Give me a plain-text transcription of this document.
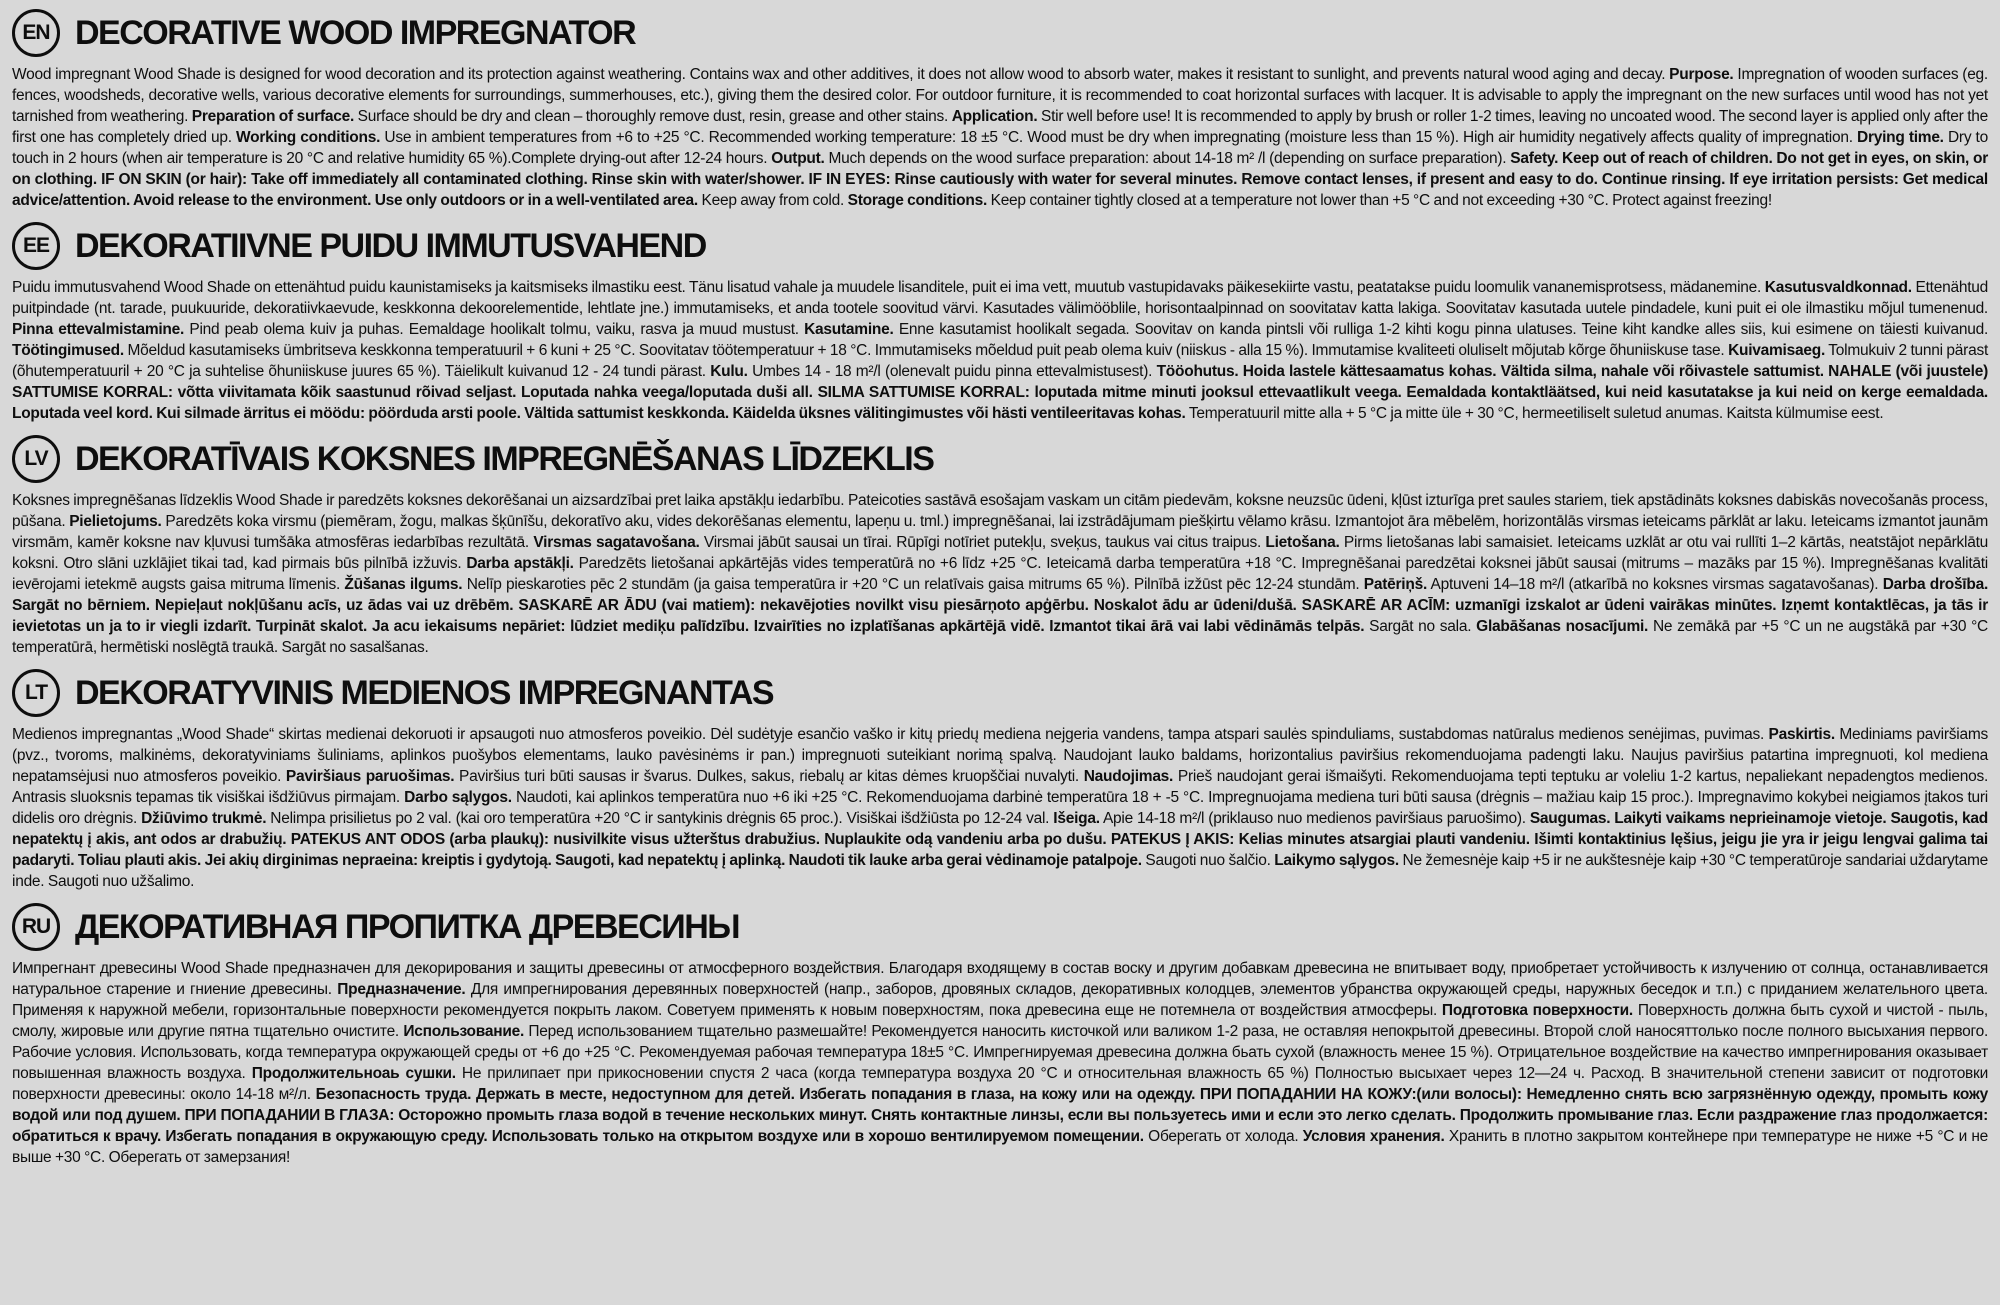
EN DECORATIVE WOOD IMPREGNATOR

Wood impregnant Wood Shade is designed for wood decoration and its protection against weathering. Contains wax and other additives, it does not allow wood to absorb water, makes it resistant to sunlight, and prevents natural wood aging and decay. Purpose. Impregnation of wooden surfaces (eg. fences, woodsheds, decorative wells, various decorative elements for surroundings, summerhouses, etc.), giving them the desired color. For outdoor furniture, it is recommended to coat horizontal surfaces with lacquer. It is advisable to apply the impregnant on the new surfaces until wood has not yet tarnished from weathering. Preparation of surface. Surface should be dry and clean – thoroughly remove dust, resin, grease and other stains. Application. Stir well before use! It is recommended to apply by brush or roller 1-2 times, leaving no uncoated wood. The second layer is applied only after the first one has completely dried up. Working conditions. Use in ambient temperatures from +6 to +25 °C. Recommended working temperature: 18 ±5 °C. Wood must be dry when impregnating (moisture less than 15 %). High air humidity negatively affects quality of impregnation. Drying time. Dry to touch in 2 hours (when air temperature is 20 °C and relative humidity 65 %).Complete drying-out after 12-24 hours. Output. Much depends on the wood surface preparation: about 14-18 m² /l (depending on surface preparation). Safety. Keep out of reach of children. Do not get in eyes, on skin, or on clothing. IF ON SKIN (or hair): Take off immediately all contaminated clothing. Rinse skin with water/shower. IF IN EYES: Rinse cautiously with water for several minutes. Remove contact lenses, if present and easy to do. Continue rinsing. If eye irritation persists: Get medical advice/attention. Avoid release to the environment. Use only outdoors or in a well-ventilated area. Keep away from cold. Storage conditions. Keep container tightly closed at a temperature not lower than +5 °C and not exceeding +30 °C. Protect against freezing!

EE DEKORATIIVNE PUIDU IMMUTUSVAHEND

Puidu immutusvahend Wood Shade on ettenähtud puidu kaunistamiseks ja kaitsmiseks ilmastiku eest. Tänu lisatud vahale ja muudele lisanditele, puit ei ima vett, muutub vastupidavaks päikesekiirte vastu, peatatakse puidu loomulik vananemisprotsess, mädanemine. Kasutusvaldkonnad. Ettenähtud puitpindade (nt. tarade, puukuuride, dekoratiivkaevude, keskkonna dekoorelementide, lehtlate jne.) immutamiseks, et anda tootele soovitud värvi. Kasutades välimööblile, horisontaalpinnad on soovitatav katta lakiga. Soovitatav kasutada uutele pindadele, kuni puit ei ole ilmastiku mõjul tumenenud. Pinna ettevalmistamine. Pind peab olema kuiv ja puhas. Eemaldage hoolikalt tolmu, vaiku, rasva ja muud mustust. Kasutamine. Enne kasutamist hoolikalt segada. Soovitav on kanda pintsli või rulliga 1-2 kihti kogu pinna ulatuses. Teine kiht kandke alles siis, kui esimene on täiesti kuivanud. Töötingimused. Mõeldud kasutamiseks ümbritseva keskkonna temperatuuril + 6 kuni + 25 °C. Soovitatav töötemperatuur + 18 °C. Immutamiseks mõeldud puit peab olema kuiv (niiskus - alla 15 %). Immutamise kvaliteeti oluliselt mõjutab kõrge õhuniiskuse tase. Kuivamisaeg. Tolmukuiv 2 tunni pärast (õhutemperatuuril + 20 °C ja suhtelise õhuniiskuse juures 65 %). Täielikult kuivanud 12 - 24 tundi pärast. Kulu. Umbes 14 - 18 m²/l (olenevalt puidu pinna ettevalmistusest). Tööohutus. Hoida lastele kättesaamatus kohas. Vältida silma, nahale või rõivastele sattumist. NAHALE (või juustele) SATTUMISE KORRAL: võtta viivitamata kõik saastunud rõivad seljast. Loputada nahka veega/loputada duši all. SILMA SATTUMISE KORRAL: loputada mitme minuti jooksul ettevaatlikult veega. Eemaldada kontaktläätsed, kui neid kasutatakse ja kui neid on kerge eemaldada. Loputada veel kord. Kui silmade ärritus ei möödu: pöörduda arsti poole. Vältida sattumist keskkonda. Käidelda üksnes välitingimustes või hästi ventileeritavas kohas. Temperatuuril mitte alla + 5 °C ja mitte üle + 30 °C, hermeetiliselt suletud anumas. Kaitsta külmumise eest.

LV DEKORATĪVAIS KOKSNES IMPREGNĒŠANAS LĪDZEKLIS

Koksnes impregnēšanas līdzeklis Wood Shade ir paredzēts koksnes dekorēšanai un aizsardzībai pret laika apstākļu iedarbību. Pateicoties sastāvā esošajam vaskam un citām piedevām, koksne neuzsūc ūdeni, kļūst izturīga pret saules stariem, tiek apstādināts koksnes dabiskās novecošanās process, pūšana. Pielietojums. Paredzēts koka virsmu (piemēram, žogu, malkas šķūnīšu, dekoratīvo aku, vides dekorēšanas elementu, lapeņu u. tml.) impregnēšanai, lai izstrādājumam piešķirtu vēlamo krāsu. Izmantojot āra mēbelēm, horizontālās virsmas ieteicams pārklāt ar laku. Ieteicams izmantot jaunām virsmām, kamēr koksne nav kļuvusi tumšāka atmosfēras iedarbības rezultātā. Virsmas sagatavošana. Virsmai jābūt sausai un tīrai. Rūpīgi notīriet putekļu, sveķus, taukus vai citus traipus. Lietošana. Pirms lietošanas labi samaisiet. Ieteicams uzklāt ar otu vai rullīti 1–2 kārtās, neatstājot nepārklātu koksni. Otro slāni uzklājiet tikai tad, kad pirmais būs pilnībā izžuvis. Darba apstākļi. Paredzēts lietošanai apkārtējās vides temperatūrā no +6 līdz +25 °C. Ieteicamā darba temperatūra +18 °C. Impregnēšanai paredzētai koksnei jābūt sausai (mitrums – mazāks par 15 %). Impregnēšanas kvalitāti ievērojami ietekmē augsts gaisa mitruma līmenis. Žūšanas ilgums. Nelīp pieskaroties pēc 2 stundām (ja gaisa temperatūra ir +20 °C un relatīvais gaisa mitrums 65 %). Pilnībā izžūst pēc 12-24 stundām. Patēriņš. Aptuveni 14–18 m²/l (atkarībā no koksnes virsmas sagatavošanas). Darba drošība. Sargāt no bērniem. Nepieļaut nokļūšanu acīs, uz ādas vai uz drēbēm. SASKARĒ AR ĀDU (vai matiem): nekavējoties novilkt visu piesārņoto apģērbu. Noskalot ādu ar ūdeni/dušā. SASKARĒ AR ACĪM: uzmanīgi izskalot ar ūdeni vairākas minūtes. Izņemt kontaktlēcas, ja tās ir ievietotas un ja to ir viegli izdarīt. Turpināt skalot. Ja acu iekaisums nepāriet: lūdziet mediķu palīdzību. Izvairīties no izplatīšanas apkārtējā vidē. Izmantot tikai ārā vai labi vēdināmās telpās. Sargāt no sala. Glabāšanas nosacījumi. Ne zemākā par +5 °C un ne augstākā par +30 °C temperatūrā, hermētiski noslēgtā traukā. Sargāt no sasalšanas.

LT DEKORATYVINIS MEDIENOS IMPREGNANTAS

Medienos impregnantas „Wood Shade“ skirtas medienai dekoruoti ir apsaugoti nuo atmosferos poveikio. Dėl sudėtyje esančio vaško ir kitų priedų mediena nejgeria vandens, tampa atspari saulės spinduliams, sustabdomas natūralus medienos senėjimas, puvimas. Paskirtis. Mediniams paviršiams (pvz., tvoroms, malkinėms, dekoratyviniams šuliniams, aplinkos puošybos elementams, lauko pavėsinėms ir pan.) impregnuoti suteikiant norimą spalvą. Naudojant lauko baldams, horizontalius paviršius rekomenduojama padengti laku. Naujus paviršius patartina impregnuoti, kol mediena nepatamsėjusi nuo atmosferos poveikio. Paviršiaus paruošimas. Paviršius turi būti sausas ir švarus. Dulkes, sakus, riebalų ar kitas dėmes kruopščiai nuvalyti. Naudojimas. Prieš naudojant gerai išmaišyti. Rekomenduojama tepti teptuku ar voleliu 1-2 kartus, nepaliekant nepadengtos medienos. Antrasis sluoksnis tepamas tik visiškai išdžiūvus pirmajam. Darbo sąlygos. Naudoti, kai aplinkos temperatūra nuo +6 iki +25 °C. Rekomenduojama darbinė temperatūra 18 + -5 °C. Impregnuojama mediena turi būti sausa (drėgnis – mažiau kaip 15 proc.). Impregnavimo kokybei neigiamos įtakos turi didelis oro drėgnis. Džiūvimo trukmė. Nelimpa prisilietus po 2 val. (kai oro temperatūra +20 °C ir santykinis drėgnis 65 proc.). Visiškai išdžiūsta po 12-24 val. Išeiga. Apie 14-18 m²/l (priklauso nuo medienos paviršiaus paruošimo). Saugumas. Laikyti vaikams neprieinamoje vietoje. Saugotis, kad nepatektų į akis, ant odos ar drabužių. PATEKUS ANT ODOS (arba plaukų): nusivilkite visus užterštus drabužius. Nuplaukite odą vandeniu arba po dušu. PATEKUS Į AKIS: Kelias minutes atsargiai plauti vandeniu. Išimti kontaktinius lęšius, jeigu jie yra ir jeigu lengvai galima tai padaryti. Toliau plauti akis. Jei akių dirginimas nepraeina: kreiptis i gydytoją. Saugoti, kad nepatektų į aplinką. Naudoti tik lauke arba gerai vėdinamoje patalpoje. Saugoti nuo šalčio. Laikymo sąlygos. Ne žemesnėje kaip +5 ir ne aukštesnėje kaip +30 °C temperatūroje sandariai uždarytame inde. Saugoti nuo užšalimo.

RU ДЕКОРАТИВНАЯ ПРОПИТКА ДРЕВЕСИНЫ

Импрегнант древесины Wood Shade предназначен для декорирования и защиты древесины от атмосферного воздействия. Благодаря входящему в состав воску и другим добавкам древесина не впитывает воду, приобретает устойчивость к излучению от солнца, останавливается натуральное старение и гниение древесины. Предназначение. Для импрегнирования деревянных поверхностей (напр., заборов, дровяных складов, декоративных колодцев, элементов убранства окружающей среды, наружных беседок и т.п.) с приданием желательного цвета. Применяя к наружной мебели, горизонтальные поверхности рекомендуется покрыть лаком. Советуем применять к новым поверхностям, пока древесина еще не потемнела от воздействия атмосферы. Подготовка поверхности. Поверхность должна быть сухой и чистой - пыль, смолу, жировые или другие пятна тщательно очистите. Использование. Перед использованием тщательно размешайте! Рекомендуется наносить кисточкой или валиком 1-2 раза, не оставляя непокрытой древесины. Второй слой наносяттолько после полного высыхания первого. Рабочие условия. Использовать, когда температура окружающей среды от +6 до +25 °C. Рекомендуемая рабочая температура 18±5 °C. Импрегнируемая древесина должна бьать сухой (влажность менее 15 %). Отрицательное воздействие на качество импрегнирования оказывает повышенная влажность воздуха. Продолжительноаь сушки. Не прилипает при прикосновении спустя 2 часа (когда температура воздуха 20 °C и относительная влажность 65 %) Полностью высыхает через 12—24 ч. Расход. В значительной степени зависит от подготовки поверхности древесины: около 14-18 м²/л. Безопасность труда. Держать в месте, недоступном для детей. Избегать попадания в глаза, на кожу или на одежду. ПРИ ПОПАДАНИИ НА КОЖУ:(или волосы): Немедленно снять всю загрязнённую одежду, промыть кожу водой или под душем. ПРИ ПОПАДАНИИ В ГЛАЗА: Осторожно промыть глаза водой в течение нескольких минут. Снять контактные линзы, если вы пользуетесь ими и если это легко сделать. Продолжить промывание глаз. Если раздражение глаз продолжается: обратиться к врачу. Избегать попадания в окружающую среду. Использовать только на открытом воздухе или в хорошо вентилируемом помещении. Оберегать от холода. Условия хранения. Хранить в плотно закрытом контейнере при температуре не ниже +5 °C и не выше +30 °C. Оберегать от замерзания!
